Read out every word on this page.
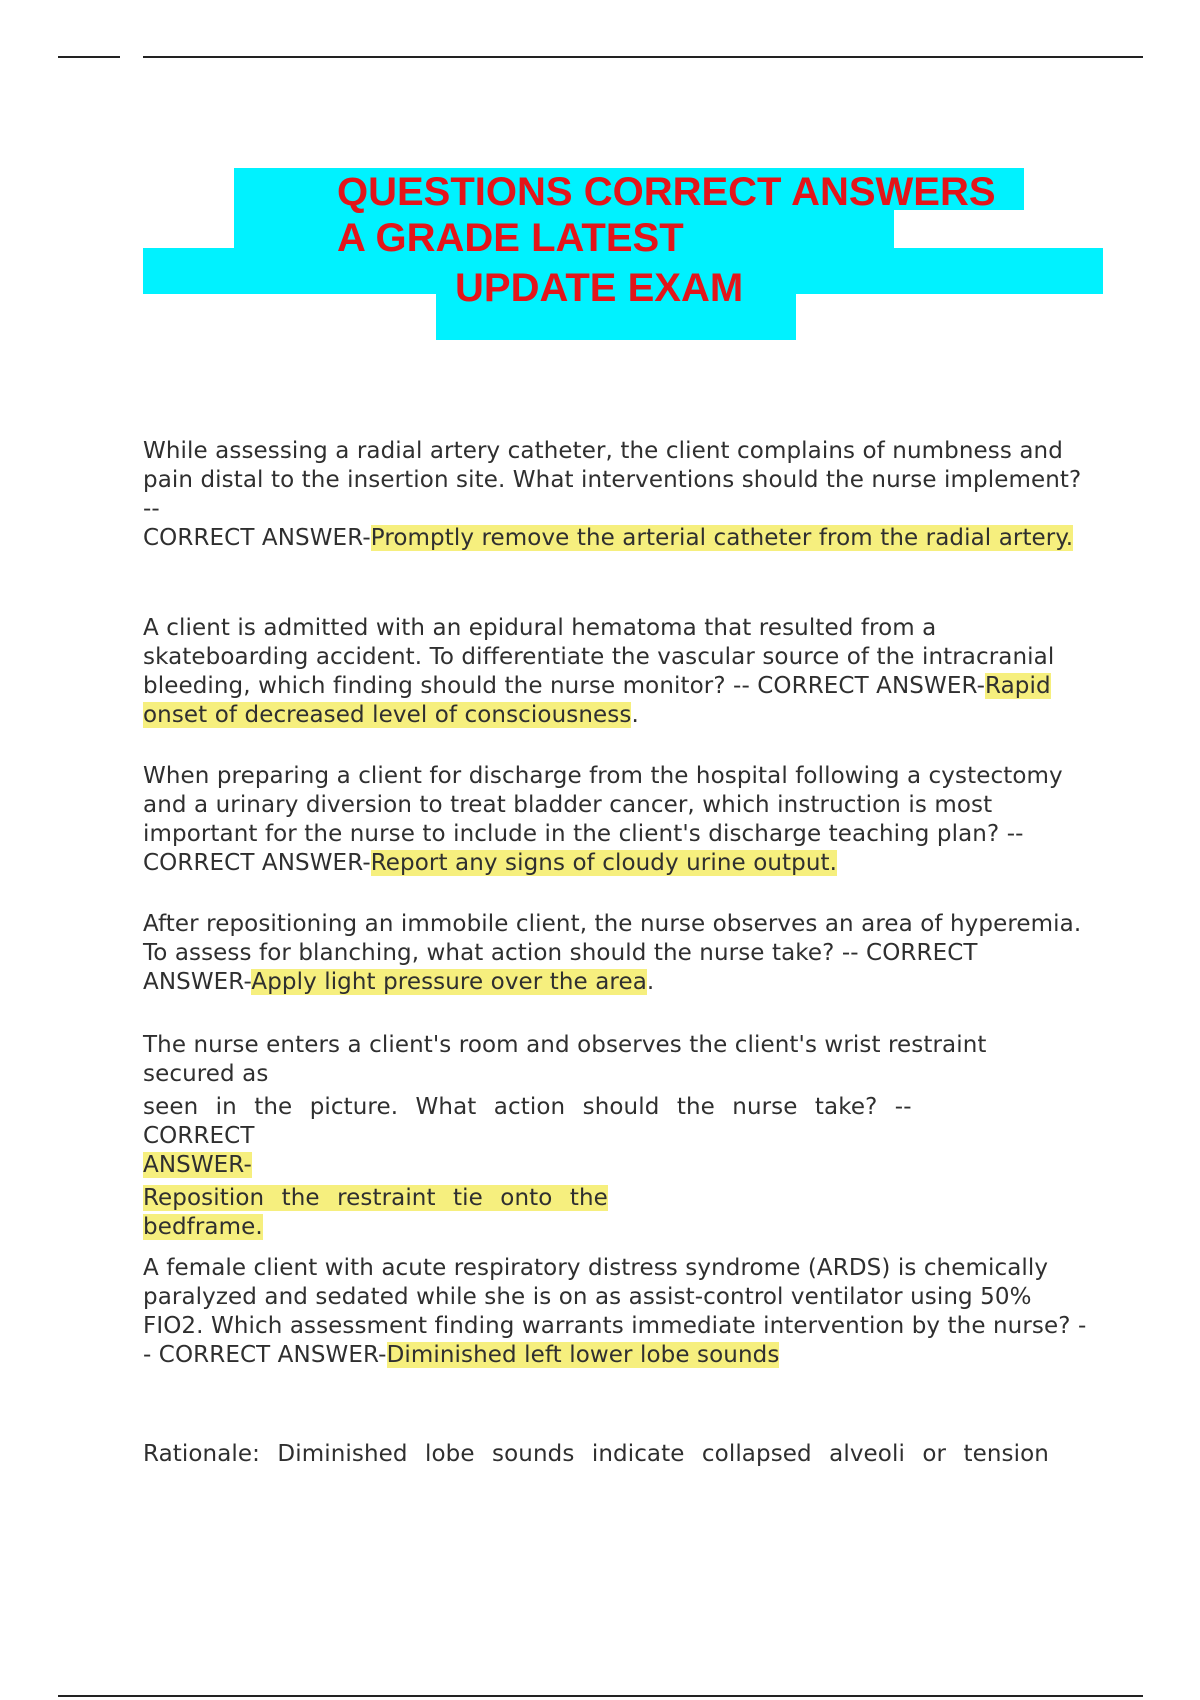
QUESTIONS CORRECT ANSWERS
A GRADE LATEST
UPDATE EXAM
While assessing a radial artery catheter, the client complains of numbness and pain distal to the insertion site. What interventions should the nurse implement? --
CORRECT ANSWER-Promptly remove the arterial catheter from the radial artery.
A client is admitted with an epidural hematoma that resulted from a skateboarding accident. To differentiate the vascular source of the intracranial bleeding, which finding should the nurse monitor? -- CORRECT ANSWER-Rapid onset of decreased level of consciousness.
When preparing a client for discharge from the hospital following a cystectomy and a urinary diversion to treat bladder cancer, which instruction is most important for the nurse to include in the client's discharge teaching plan? -- CORRECT ANSWER-Report any signs of cloudy urine output.
After repositioning an immobile client, the nurse observes an area of hyperemia. To assess for blanching, what action should the nurse take? -- CORRECT ANSWER-Apply light pressure over the area.
The nurse enters a client's room and observes the client's wrist restraint secured as
seen in the picture. What action should the nurse take? -- CORRECT
ANSWER-
Reposition the restraint tie onto the
bedframe.
A female client with acute respiratory distress syndrome (ARDS) is chemically paralyzed and sedated while she is on as assist-control ventilator using 50% FIO2. Which assessment finding warrants immediate intervention by the nurse? -- CORRECT ANSWER-Diminished left lower lobe sounds
Rationale: Diminished lobe sounds indicate collapsed alveoli or tension
